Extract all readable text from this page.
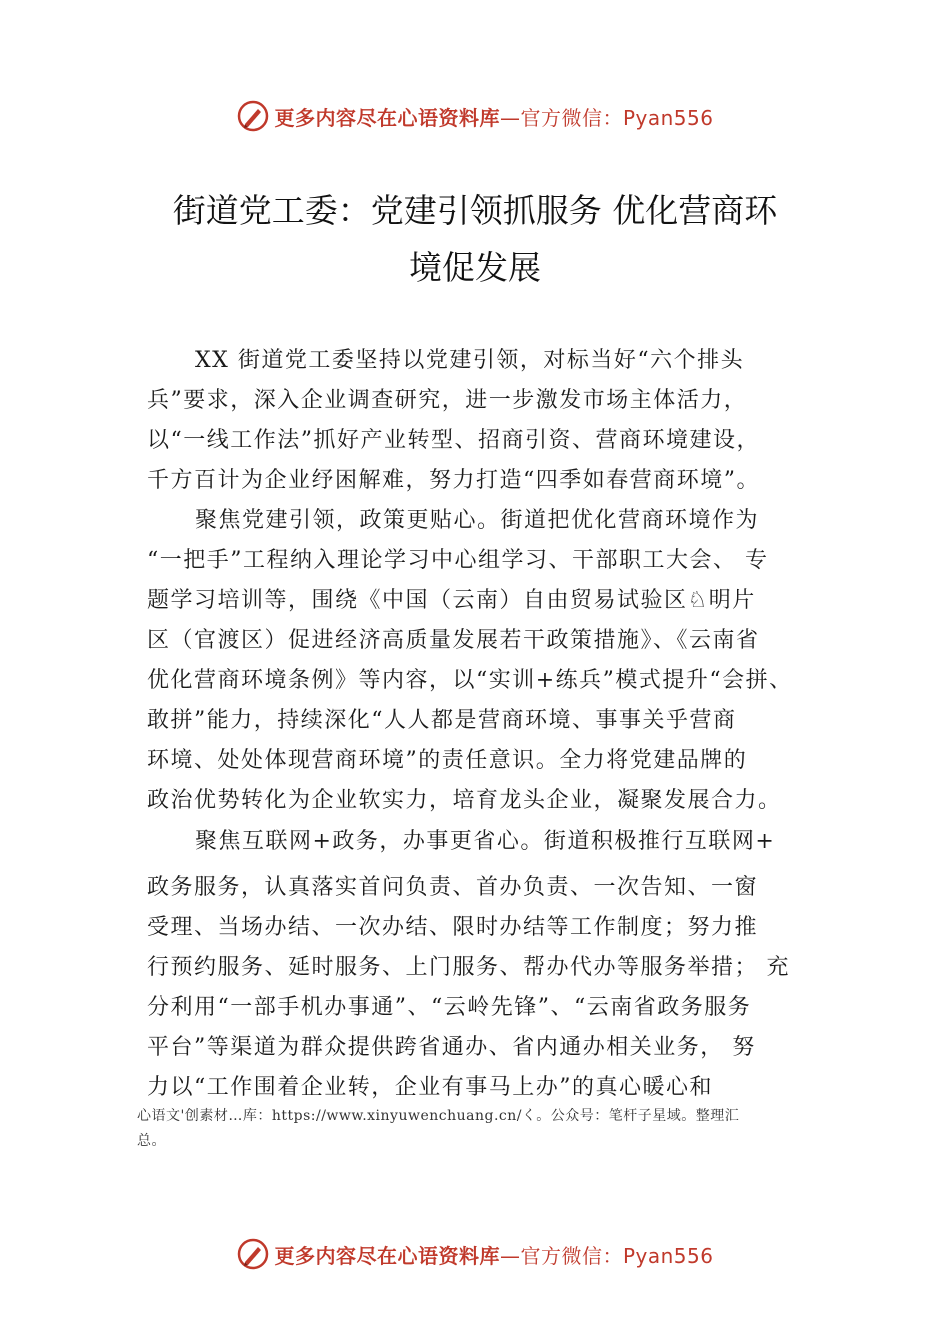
更多内容尽在心语资料库 —官方微信：Pyan556
街道党工委：党建引领抓服务 优化营商环
境促发展

XX 街道党工委坚持以党建引领，对标当好“六个排头
兵”要求，深入企业调查研究，进一步激发市场主体活力，
以“一线工作法”抓好产业转型、招商引资、营商环境建设，
千方百计为企业纾困解难，努力打造“四季如春营商环境”。

聚焦党建引领，政策更贴心。街道把优化营商环境作为
“一把手”工程纳入理论学习中心组学习、干部职工大会、 专
题学习培训等，围绕《中国（云南）自由贸易试验区♘明片
区（官渡区）促进经济高质量发展若干政策措施》、《云南省
优化营商环境条例》等内容，以“实训+练兵”模式提升“会拼、
敢拼”能力，持续深化“人人都是营商环境、事事关乎营商
环境、处处体现营商环境”的责任意识。全力将党建品牌的
政治优势转化为企业软实力，培育龙头企业，凝聚发展合力。

聚焦互联网+政务，办事更省心。街道积极推行互联网+
政务服务，认真落实首问负责、首办负责、一次告知、一窗
受理、当场办结、一次办结、限时办结等工作制度；努力推
行预约服务、延时服务、上门服务、帮办代办等服务举措； 充
分利用“一部手机办事通”、“云岭先锋”、“云南省政务服务
平台”等渠道为群众提供跨省通办、省内通办相关业务， 努
力以“工作围着企业转，企业有事马上办”的真心暖心和

心语文'创素材…库：https://www.xinyuwenchuang.cn/く。公众号：笔杆子星域。整理汇
总。
更多内容尽在心语资料库 —官方微信：Pyan556
